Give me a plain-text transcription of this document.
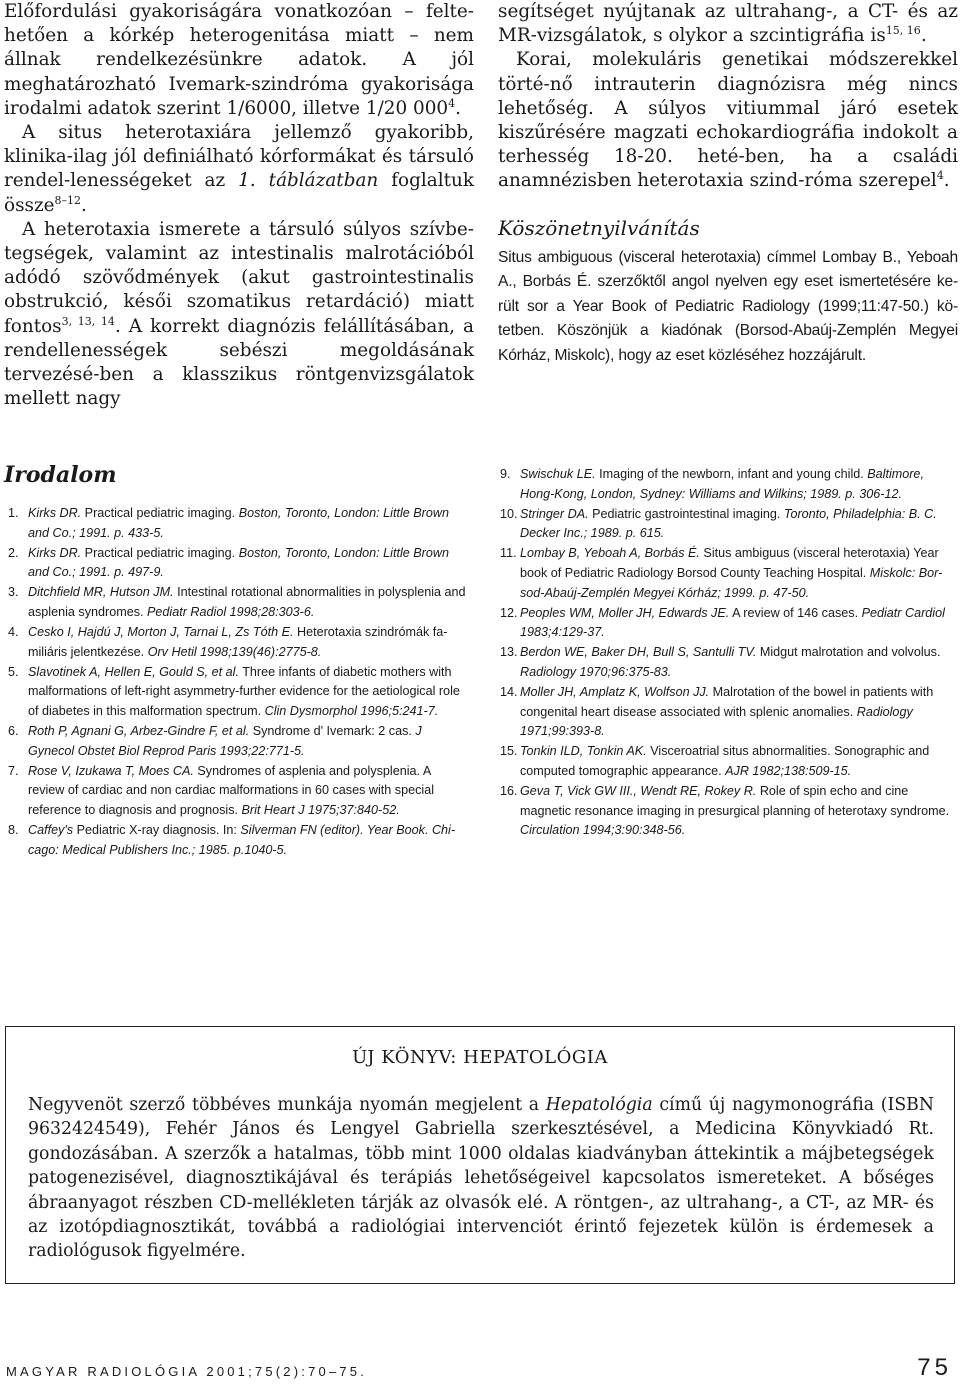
Előfordulási gyakoriságára vonatkozóan – felte-hetően a kórkép heterogenitása miatt – nem állnak rendelkezésünkre adatok. A jól meghatározható Ivemark-szindróma gyakorisága irodalmi adatok szerint 1/6000, illetve 1/20 $000^4$.

A situs heterotaxiára jellemző gyakoribb, klinika-ilag jól definiálható kórformákat és társuló rendel-lenességeket az 1. táblázatban foglaltuk össze$^{8-12}$.

A heterotaxia ismerete a társuló súlyos szívbe-tegségek, valamint az intestinalis malrotációból adódó szövődmények (akut gastrointestinalis obstrukció, késői szomatikus retardáció) miatt fontos$^{3, 13, 14}$. A korrekt diagnózis felállításában, a rendellenességek sebészi megoldásának tervezésé-ben a klasszikus röntgenvizsgálatok mellett nagy

segítséget nyújtanak az ultrahang-, a CT- és az MR-vizsgálatok, s olykor a szcintigráfia is$^{15, 16}$.

Korai, molekuláris genetikai módszerekkel törté-nő intrauterin diagnózisra még nincs lehetőség. A súlyos vitiummal járó esetek kiszűrésére magzati echokardiográfia indokolt a terhesség 18-20. heté-ben, ha a családi anamnézisben heterotaxia szind-róma szerepel$^4$.

Köszönetnyilvánítás

Situs ambiguous (visceral heterotaxia) címmel Lombay B., Yeboah A., Borbás É. szerzőktől angol nyelven egy eset ismertetésére ke-rült sor a Year Book of Pediatric Radiology (1999;11:47-50.) kö-tetben. Köszönjük a kiadónak (Borsod-Abaúj-Zemplén Megyei Kórház, Miskolc), hogy az eset közléséhez hozzájárult.

Irodalom
1. Kirks DR. Practical pediatric imaging. Boston, Toronto, London: Little Brown and Co.; 1991. p. 433-5.
2. Kirks DR. Practical pediatric imaging. Boston, Toronto, London: Little Brown and Co.; 1991. p. 497-9.
3. Ditchfield MR, Hutson JM. Intestinal rotational abnormalities in polysplenia and asplenia syndromes. Pediatr Radiol 1998;28:303-6.
4. Cesko I, Hajdú J, Morton J, Tarnai L, Zs Tóth E. Heterotaxia szindrómák fa-miliáris jelentkezése. Orv Hetil 1998;139(46):2775-8.
5. Slavotinek A, Hellen E, Gould S, et al. Three infants of diabetic mothers with malformations of left-right asymmetry-further evidence for the aetiological role of diabetes in this malformation spectrum. Clin Dysmorphol 1996;5:241-7.
6. Roth P, Agnani G, Arbez-Gindre F, et al. Syndrome d' Ivemark: 2 cas. J Gynecol Obstet Biol Reprod Paris 1993;22:771-5.
7. Rose V, Izukawa T, Moes CA. Syndromes of asplenia and polysplenia. A review of cardiac and non cardiac malformations in 60 cases with special reference to diagnosis and prognosis. Brit Heart J 1975;37:840-52.
8. Caffey's Pediatric X-ray diagnosis. In: Silverman FN (editor). Year Book. Chi-cago: Medical Publishers Inc.; 1985. p.1040-5.
9. Swischuk LE. Imaging of the newborn, infant and young child. Baltimore, Hong-Kong, London, Sydney: Williams and Wilkins; 1989. p. 306-12.
10. Stringer DA. Pediatric gastrointestinal imaging. Toronto, Philadelphia: B. C. Decker Inc.; 1989. p. 615.
11. Lombay B, Yeboah A, Borbás É. Situs ambiguus (visceral heterotaxia) Year book of Pediatric Radiology Borsod County Teaching Hospital. Miskolc: Bor-sod-Abaúj-Zemplén Megyei Kórház; 1999. p. 47-50.
12. Peoples WM, Moller JH, Edwards JE. A review of 146 cases. Pediatr Cardiol 1983;4:129-37.
13. Berdon WE, Baker DH, Bull S, Santulli TV. Midgut malrotation and volvolus. Radiology 1970;96:375-83.
14. Moller JH, Amplatz K, Wolfson JJ. Malrotation of the bowel in patients with congenital heart disease associated with splenic anomalies. Radiology 1971;99:393-8.
15. Tonkin ILD, Tonkin AK. Visceroatrial situs abnormalities. Sonographic and computed tomographic appearance. AJR 1982;138:509-15.
16. Geva T, Vick GW III., Wendt RE, Rokey R. Role of spin echo and cine magnetic resonance imaging in presurgical planning of heterotaxy syndrome. Circulation 1994;3:90:348-56.
ÚJ KÖNYV: HEPATOLÓGIA

Negyvenöt szerző többéves munkája nyomán megjelent a Hepatológia című új nagymonográfia (ISBN 9632424549), Fehér János és Lengyel Gabriella szerkesztésével, a Medicina Könyvkiadó Rt. gondozásában. A szerzők a hatalmas, több mint 1000 oldalas kiadványban áttekintik a májbetegségek patogenezisével, diagnosztikájával és terápiás lehetőségeivel kapcsolatos ismereteket. A bőséges ábraanyagot részben CD-mellékleten tárják az olvasók elé. A röntgen-, az ultrahang-, a CT-, az MR- és az izotópdiagnosztikát, továbbá a radiológiai intervenciót érintő fejezetek külön is érdemesek a radiológusok figyelmére.

MAGYAR RADIOLÓGIA 2001;75(2):70–75.	75
